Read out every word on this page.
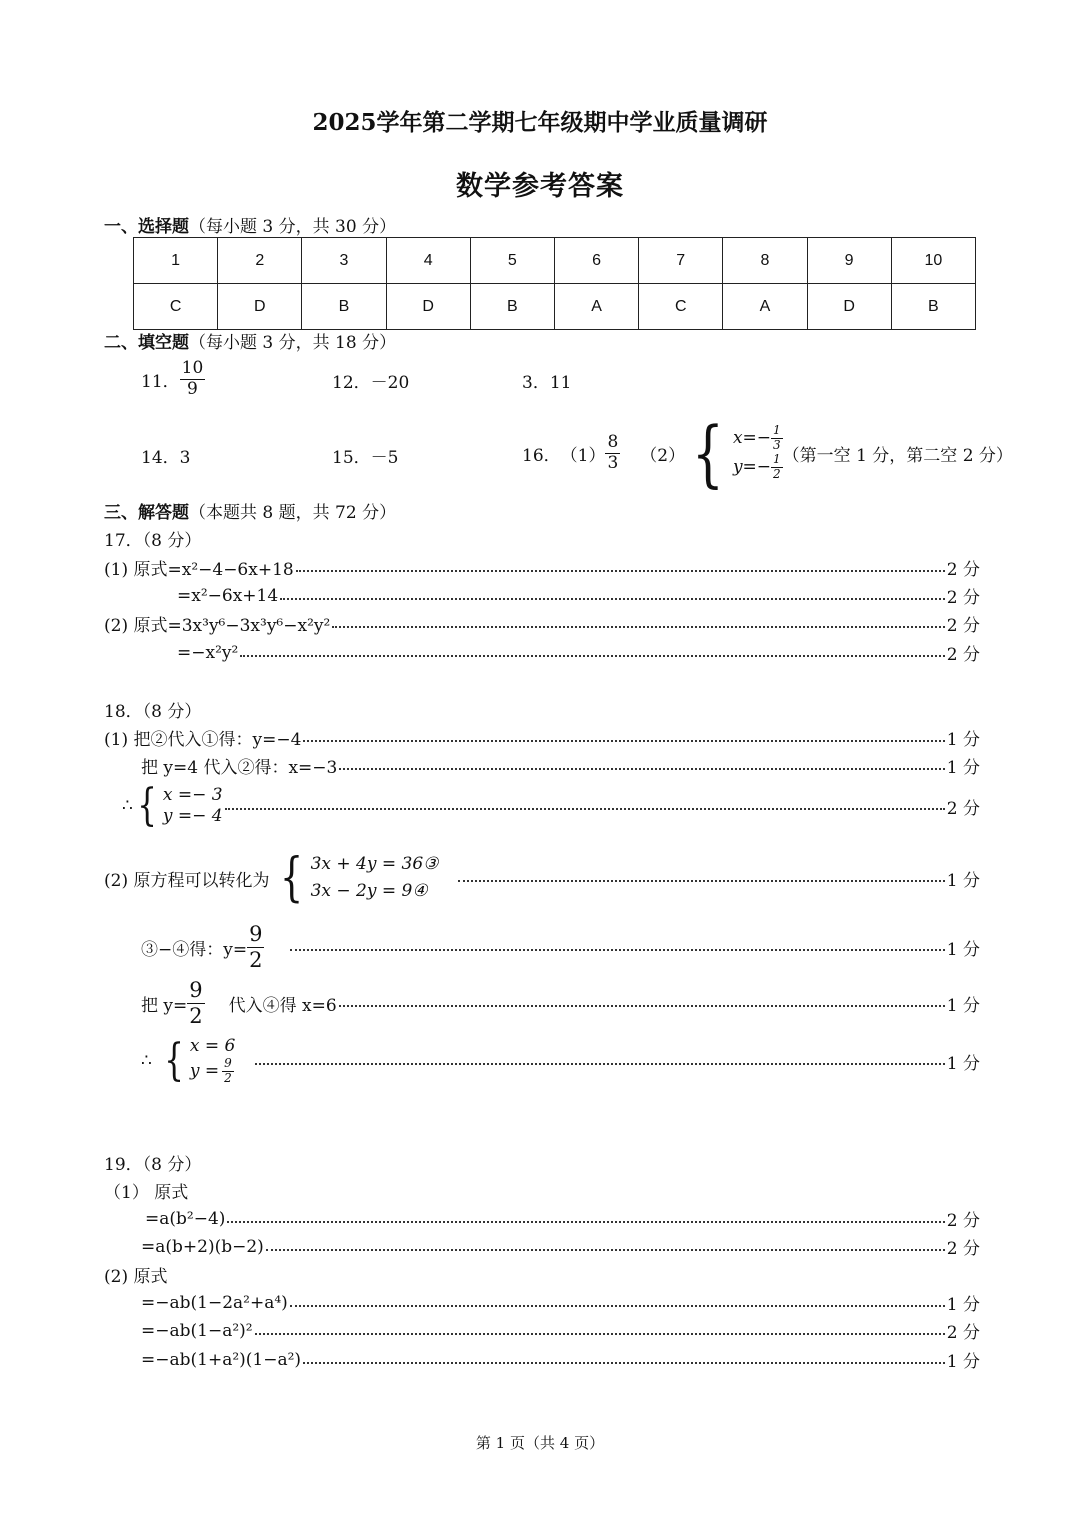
2025学年第二学期七年级期中学业质量调研
数学参考答案
一、选择题（每小题 3 分，共 30 分）
1	2	3	4	5	6	7	8	9	10
C	D	B	D	B	A	C	A	D	B
二、填空题（每小题 3 分，共 18 分）
11． $\frac{10}{9}$	12．－20	3．11
14．3	15．－5	16． $(1) \frac{8}{3} (2)$ { $x=- \frac{1}{3}$
$y=- \frac{1}{2}$ （第一空 1 分，第二空 2 分）
三、解答题（本题共 8 题，共 72 分）
17．（8 分）
(1) 原式=x²−4−6x+18	2 分
=x²−6x+14	2 分
(2) 原式=3x³y⁶−3x³y⁶−x²y²	2 分
=−x²y²	2 分
18．（8 分）
(1) 把②代入①得：y=−4	1 分
把 y=4 代入②得：x=−3	1 分
∴ { x =− 3
y =− 4	2 分
(2) 原方程可以转化为 { 3x + 4y = 36③
3x − 2y = 9④
1 分
③−④得：$y= \frac{9}{2}$	1 分
把 $y= \frac{9}{2}$ 代入④得 x=6	1 分
∴ { x = 6
$y = \frac{9}{2}$	1 分
19．（8 分）
（1） 原式
=a(b²−4)	2 分
=a(b+2)(b−2)	2 分
(2) 原式
=−ab(1−2a²+a⁴)	1 分
=−ab(1−a²)²	2 分
=−ab(1+a²)(1−a²)	1 分
第 1 页（共 4 页）
